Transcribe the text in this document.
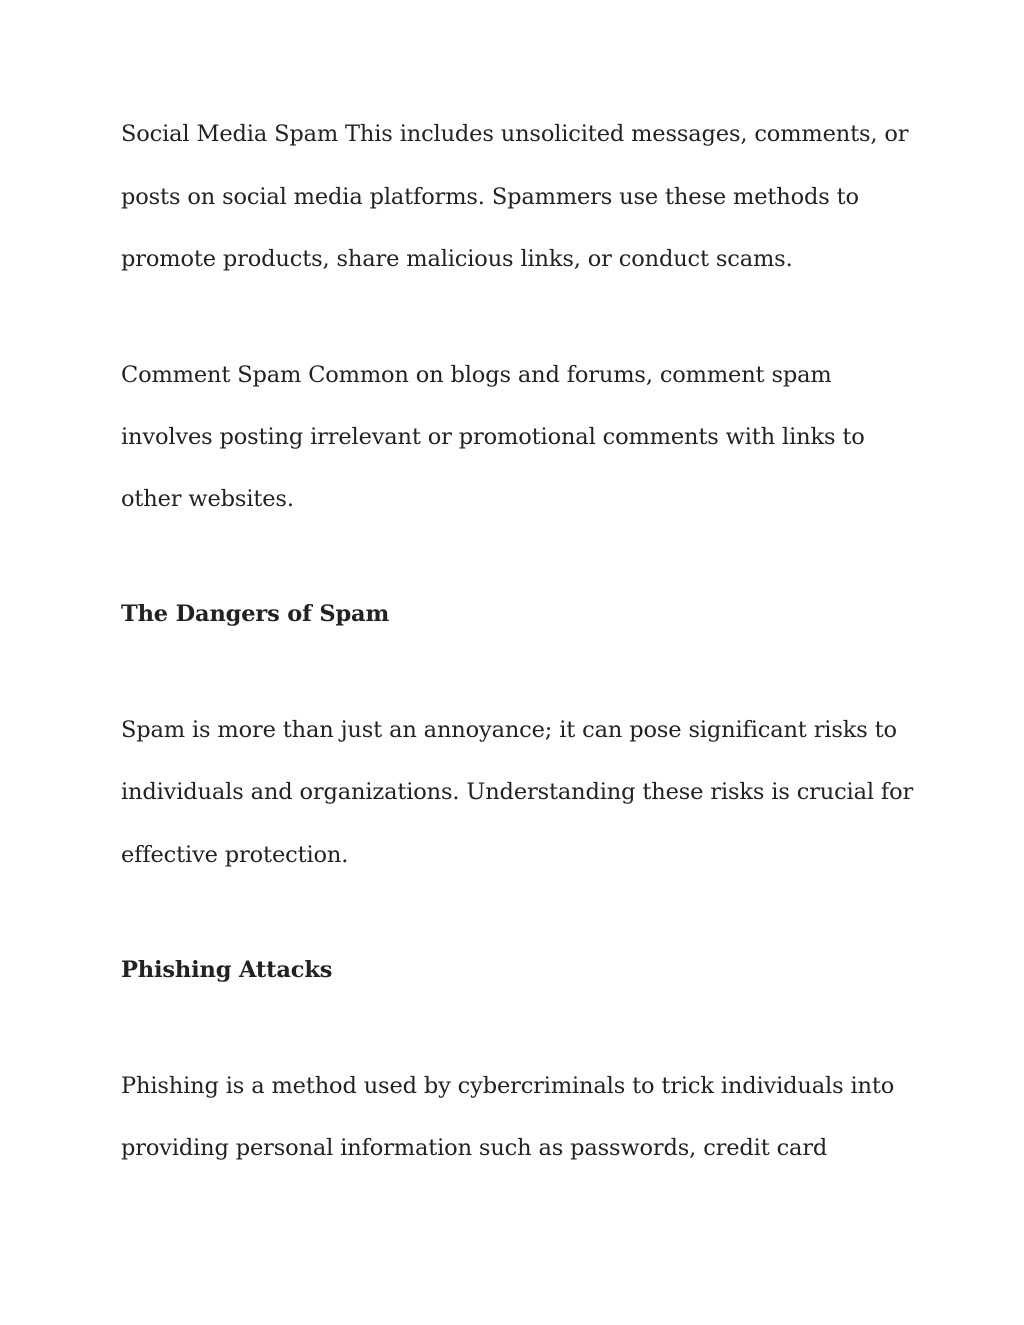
Social Media Spam This includes unsolicited messages, comments, or
posts on social media platforms. Spammers use these methods to
promote products, share malicious links, or conduct scams.
Comment Spam Common on blogs and forums, comment spam
involves posting irrelevant or promotional comments with links to
other websites.
The Dangers of Spam
Spam is more than just an annoyance; it can pose significant risks to
individuals and organizations. Understanding these risks is crucial for
effective protection.
Phishing Attacks
Phishing is a method used by cybercriminals to trick individuals into
providing personal information such as passwords, credit card
